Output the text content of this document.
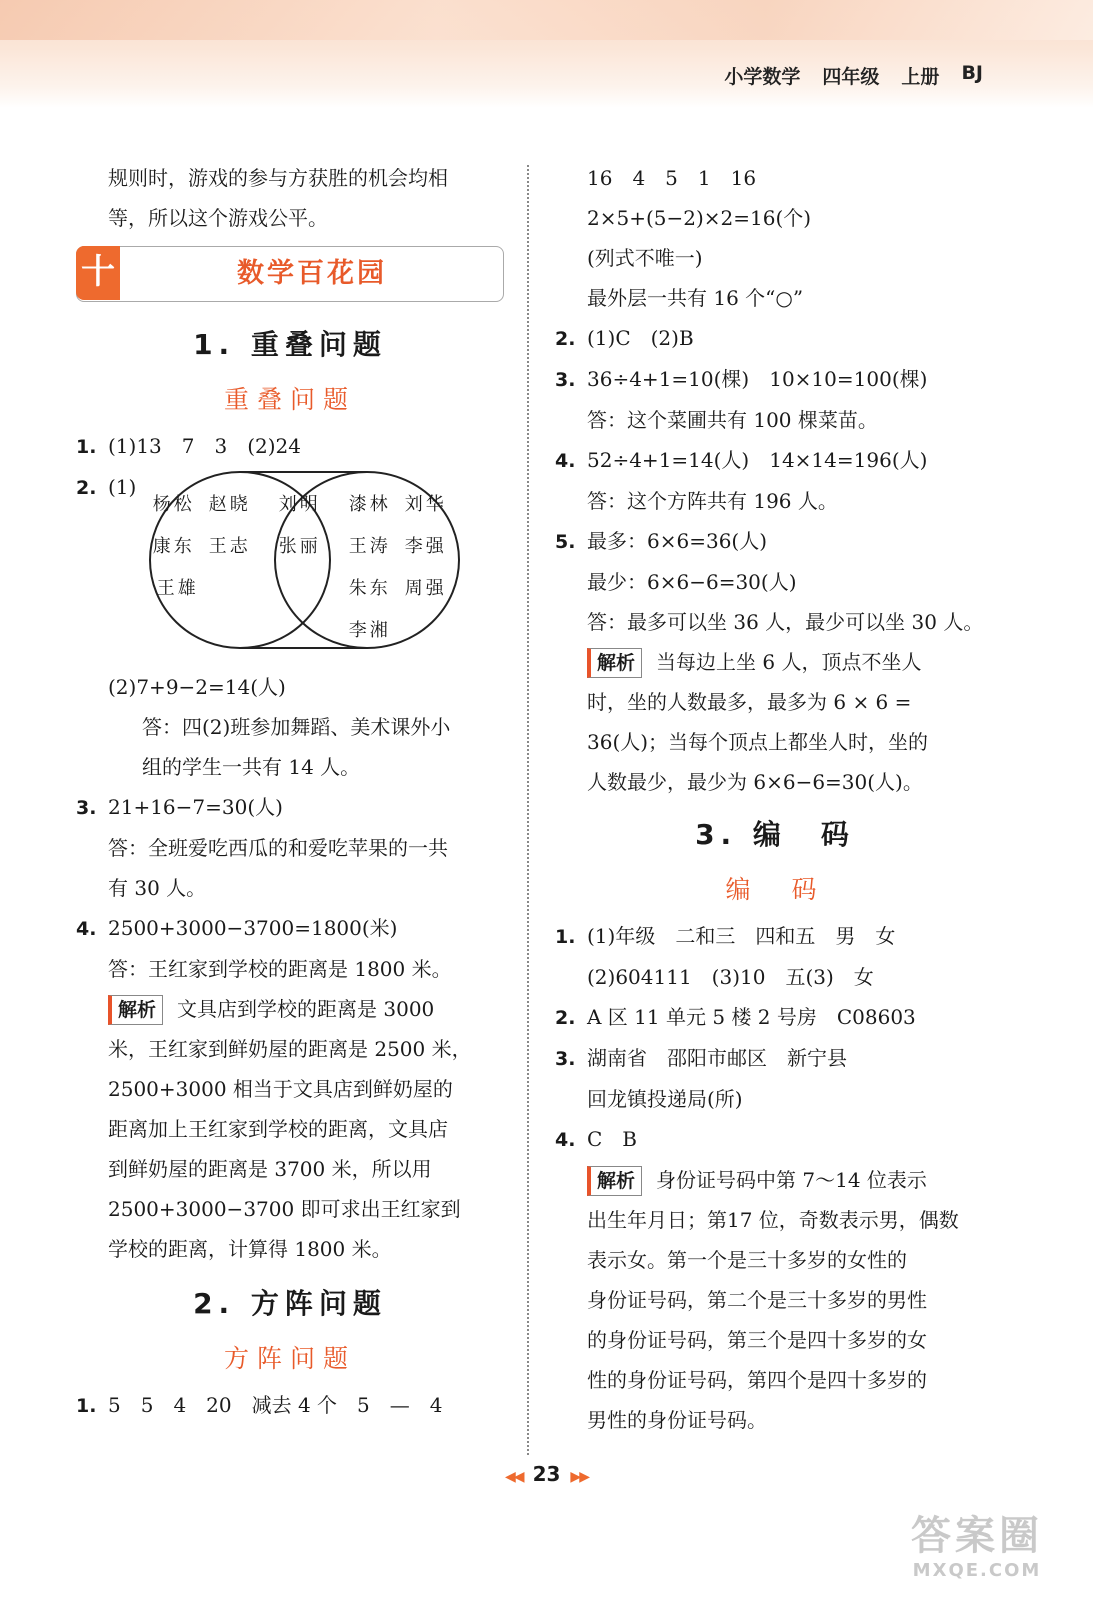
小学数学 四年级 上册 BJ
规则时，游戏的参与方获胜的机会均相
等，所以这个游戏公平。
十	数学百花园
1. 重叠问题
重叠问题
1. (1)13　7　3　(2)24
2. (1)
杨松 赵晓
康东 王志
王雄
刘明
张丽
漆林 刘华
王涛 李强
朱东 周强
李湘
(2)7+9−2=14(人)
答：四(2)班参加舞蹈、美术课外小
组的学生一共有 14 人。
3. 21+16−7=30(人)
答：全班爱吃西瓜的和爱吃苹果的一共
有 30 人。
4. 2500+3000−3700=1800(米)
答：王红家到学校的距离是 1800 米。
解析 文具店到学校的距离是 3000
米，王红家到鲜奶屋的距离是 2500 米，
2500+3000 相当于文具店到鲜奶屋的
距离加上王红家到学校的距离，文具店
到鲜奶屋的距离是 3700 米，所以用
2500+3000−3700 即可求出王红家到
学校的距离，计算得 1800 米。
2. 方阵问题
方阵问题
1. 5　5　4　20　减去 4 个　5　—　4
16　4　5　1　16
2×5+(5−2)×2=16(个)
(列式不唯一)
最外层一共有 16 个“○”
2. (1)C　(2)B
3. 36÷4+1=10(棵)　10×10=100(棵)
答：这个菜圃共有 100 棵菜苗。
4. 52÷4+1=14(人)　14×14=196(人)
答：这个方阵共有 196 人。
5. 最多：6×6=36(人)
最少：6×6−6=30(人)
答：最多可以坐 36 人，最少可以坐 30 人。
解析 当每边上坐 6 人，顶点不坐人
时，坐的人数最多，最多为 6 × 6 =
36(人)；当每个顶点上都坐人时，坐的
人数最少，最少为 6×6−6=30(人)。
3. 编　码
编　码
1. (1)年级　二和三　四和五　男　女
(2)604111　(3)10　五(3)　女
2. A 区 11 单元 5 楼 2 号房　C08603
3. 湖南省　邵阳市邮区　新宁县
回龙镇投递局(所)
4. C　B
解析 身份证号码中第 7～14 位表示
出生年月日；第17 位，奇数表示男，偶数
表示女。第一个是三十多岁的女性的
身份证号码，第二个是三十多岁的男性
的身份证号码，第三个是四十多岁的女
性的身份证号码，第四个是四十多岁的
男性的身份证号码。
◀◀ 23 ▶▶
答案圈
MXQE.COM
